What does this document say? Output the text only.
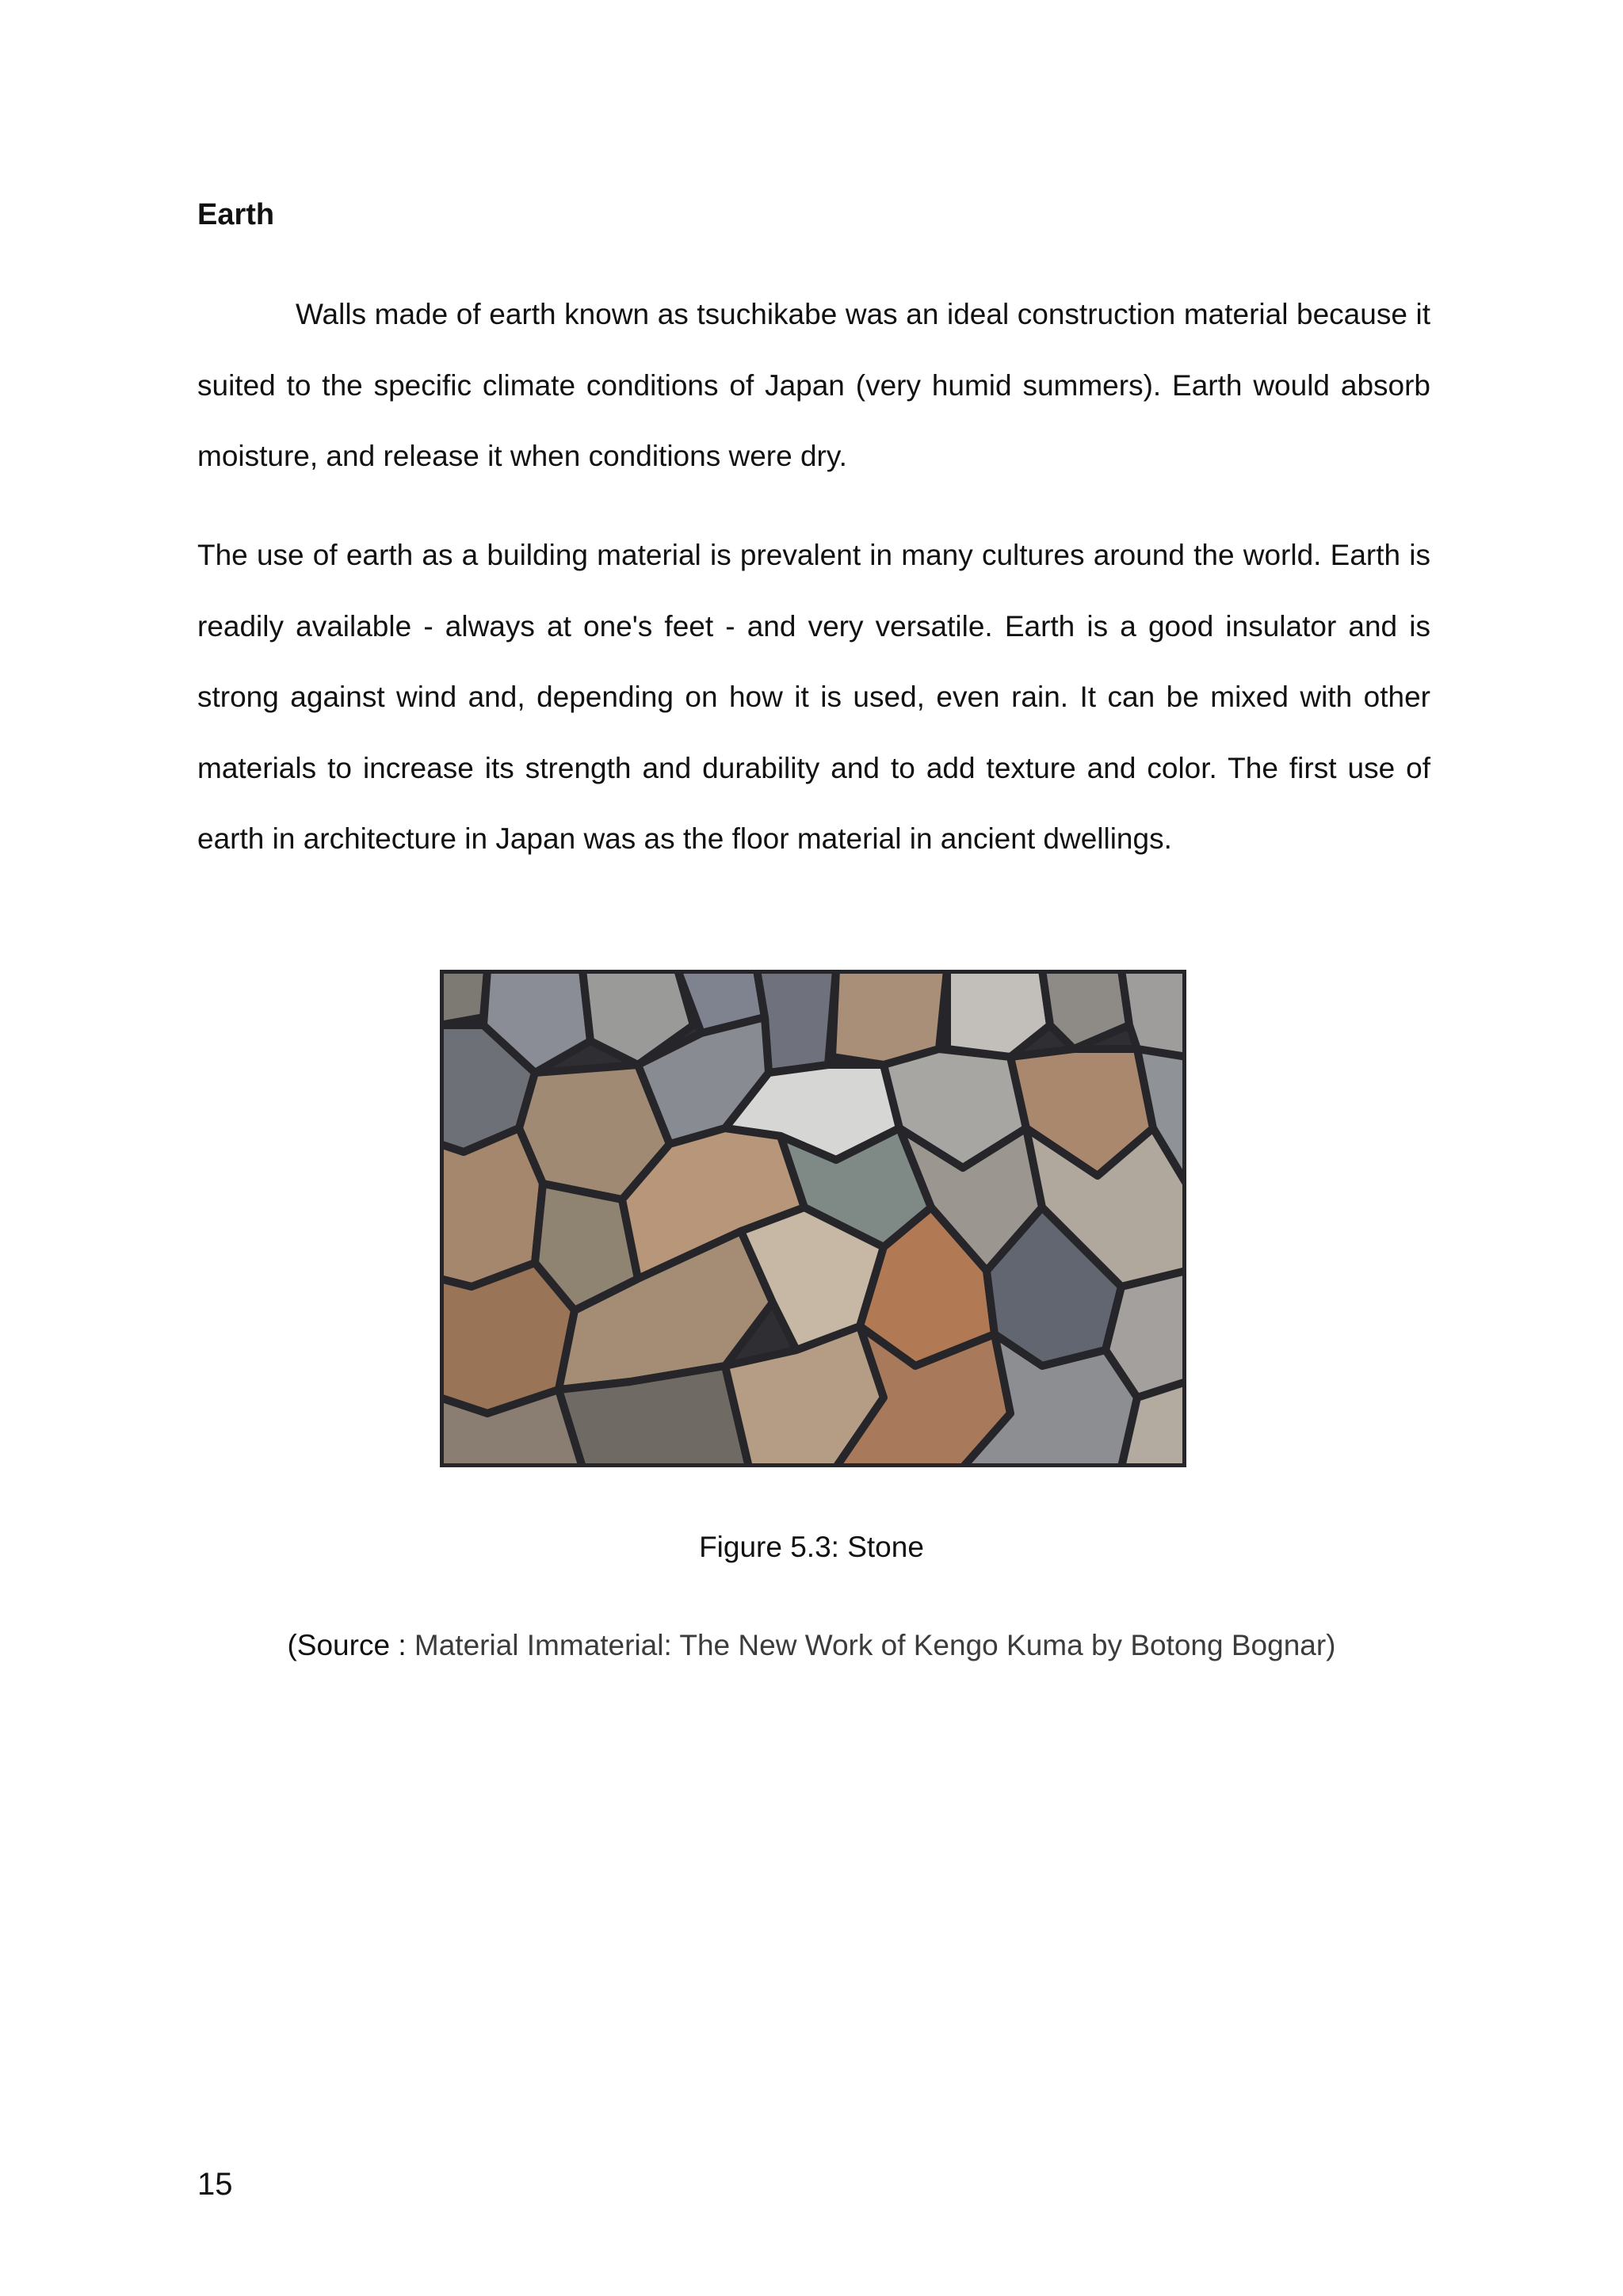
Earth

Walls made of earth known as tsuchikabe was an ideal construction material because it suited to the specific climate conditions of Japan (very humid summers). Earth would absorb moisture, and release it when conditions were dry.

The use of earth as a building material is prevalent in many cultures around the world. Earth is readily available - always at one's feet - and very versatile. Earth is a good insulator and is strong against wind and, depending on how it is used, even rain. It can be mixed with other materials to increase its strength and durability and to add texture and color. The first use of earth in architecture in Japan was as the floor material in ancient dwellings.

Figure 5.3: Stone

(Source : Material Immaterial: The New Work of Kengo Kuma by Botong Bognar)

15
